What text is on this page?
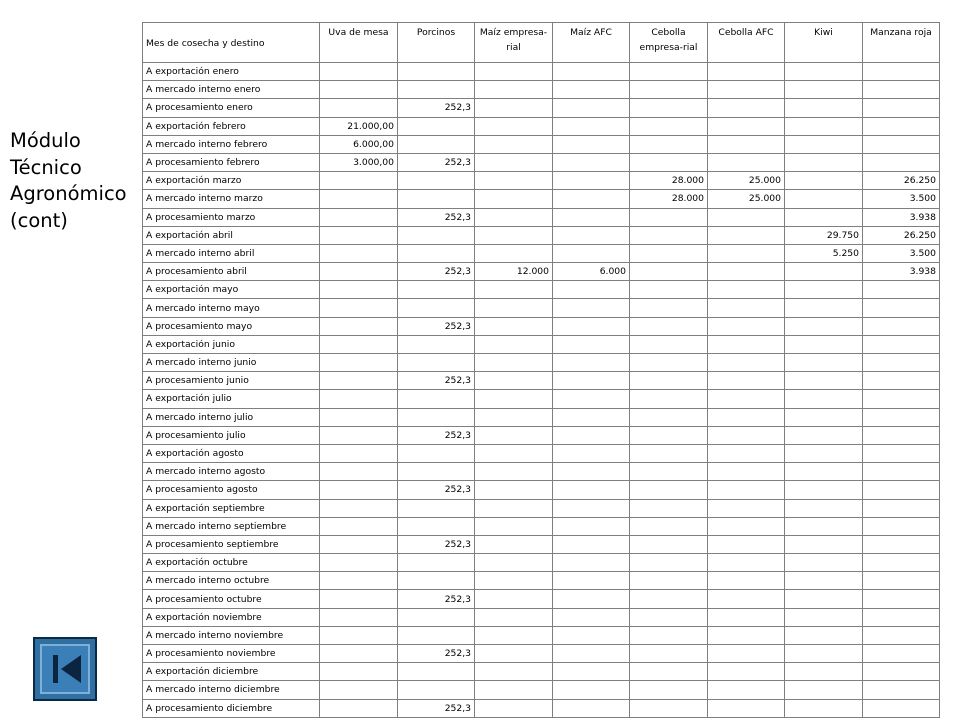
Módulo
Técnico
Agronómico
(cont)
Mes de cosecha y destino	Uva de mesa	Porcinos	Maíz empresa-rial	Maíz AFC	Cebolla empresa-rial	Cebolla AFC	Kiwi	Manzana roja
A exportación enero								
A mercado interno enero								
A procesamiento enero		252,3						
A exportación febrero	21.000,00							
A mercado interno febrero	6.000,00							
A procesamiento febrero	3.000,00	252,3						
A exportación marzo					28.000	25.000		26.250
A mercado interno marzo					28.000	25.000		3.500
A procesamiento marzo		252,3						3.938
A exportación abril							29.750	26.250
A mercado interno abril							5.250	3.500
A procesamiento abril		252,3	12.000	6.000				3.938
A exportación mayo								
A mercado interno mayo								
A procesamiento mayo		252,3						
A exportación junio								
A mercado interno junio								
A procesamiento junio		252,3						
A exportación julio								
A mercado interno julio								
A procesamiento julio		252,3						
A exportación agosto								
A mercado interno agosto								
A procesamiento agosto		252,3						
A exportación septiembre								
A mercado interno septiembre								
A procesamiento septiembre		252,3						
A exportación octubre								
A mercado interno octubre								
A procesamiento octubre		252,3						
A exportación noviembre								
A mercado interno noviembre								
A procesamiento noviembre		252,3						
A exportación diciembre								
A mercado interno diciembre								
A procesamiento diciembre		252,3						
